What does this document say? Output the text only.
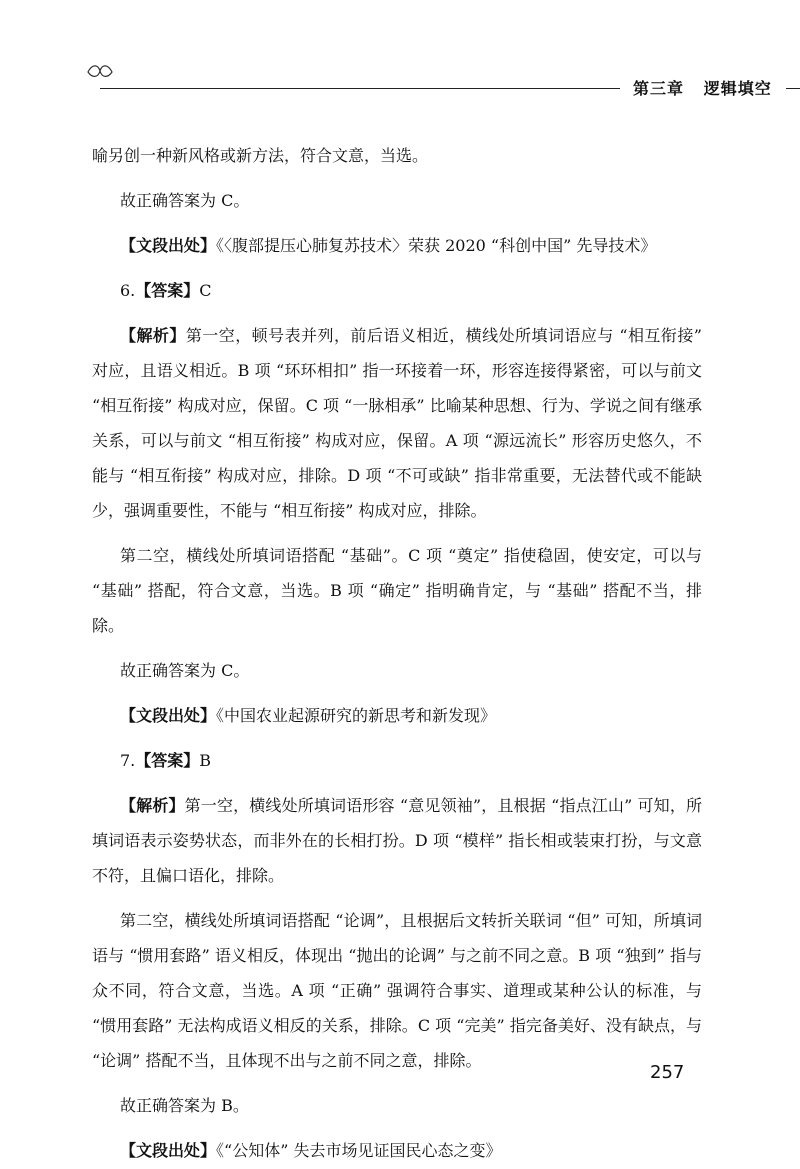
第三章 逻辑填空

喻另创一种新风格或新方法，符合文意，当选。

故正确答案为 C。

【文段出处】《〈腹部提压心肺复苏技术〉荣获 2020 “科创中国” 先导技术》

6.【答案】C

【解析】第一空，顿号表并列，前后语义相近，横线处所填词语应与 “相互衔接” 对应，且语义相近。B 项 “环环相扣” 指一环接着一环，形容连接得紧密，可以与前文 “相互衔接” 构成对应，保留。C 项 “一脉相承” 比喻某种思想、行为、学说之间有继承关系，可以与前文 “相互衔接” 构成对应，保留。A 项 “源远流长” 形容历史悠久，不能与 “相互衔接” 构成对应，排除。D 项 “不可或缺” 指非常重要，无法替代或不能缺少，强调重要性，不能与 “相互衔接” 构成对应，排除。

第二空，横线处所填词语搭配 “基础”。C 项 “奠定” 指使稳固，使安定，可以与 “基础” 搭配，符合文意，当选。B 项 “确定” 指明确肯定，与 “基础” 搭配不当，排除。

故正确答案为 C。

【文段出处】《中国农业起源研究的新思考和新发现》

7.【答案】B

【解析】第一空，横线处所填词语形容 “意见领袖”，且根据 “指点江山” 可知，所填词语表示姿势状态，而非外在的长相打扮。D 项 “模样” 指长相或装束打扮，与文意不符，且偏口语化，排除。

第二空，横线处所填词语搭配 “论调”，且根据后文转折关联词 “但” 可知，所填词语与 “惯用套路” 语义相反，体现出 “抛出的论调” 与之前不同之意。B 项 “独到” 指与众不同，符合文意，当选。A 项 “正确” 强调符合事实、道理或某种公认的标准，与 “惯用套路” 无法构成语义相反的关系，排除。C 项 “完美” 指完备美好、没有缺点，与 “论调” 搭配不当，且体现不出与之前不同之意，排除。

故正确答案为 B。

【文段出处】《“公知体” 失去市场见证国民心态之变》

257
